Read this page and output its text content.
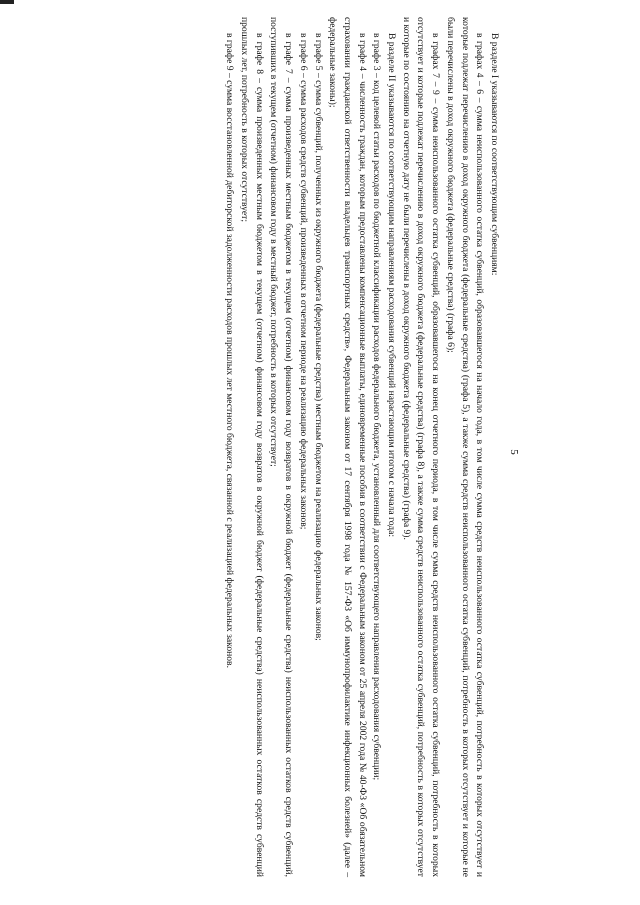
5

В разделе I указываются по соответствующим субвенциям:

в графах 4 – 6 – сумма неиспользованного остатка субвенций, образовавшегося на начало года, в том числе сумма средств неиспользованного остатка субвенций, потребность в которых отсутствует и которые подлежат перечислению в доход окружного бюджета (федеральные средства) (графа 5), а также сумма средств неиспользованного остатка субвенций, потребность в которых отсутствует и которые не были перечислены в доход окружного бюджета (федеральные средства) (графа 6);

в графах 7 – 9 – сумма неиспользованного остатка субвенций, образовавшегося на конец отчетного периода, в том числе сумма средств неиспользованного остатка субвенций, потребность в которых отсутствует и которые подлежат перечислению в доход окружного бюджета (федеральные средства) (графа 8), а также сумма средств неиспользованного остатка субвенций, потребность в которых отсутствует и которые по состоянию на отчетную дату не были перечислены в доход окружного бюджета (федеральные средства) (графа 9).

В разделе II указываются по соответствующим направлениям расходования субвенций нарастающим итогом с начала года:

в графе 3 – код целевой статьи расходов по бюджетной классификации расходов федерального бюджета, установленный для соответствующего направления расходования субвенции;

в графе 4 – численность граждан, которым предоставлены компенсационные выплаты, единовременные пособия в соответствии с Федеральным законом от 25 апреля 2002 года № 40-ФЗ «Об обязательном страховании гражданской ответственности владельцев транспортных средств», Федеральным законом от 17 сентября 1998 года № 157-ФЗ «Об иммунопрофилактике инфекционных болезней» (далее – федеральные законы);

в графе 5 – сумма субвенций, полученных из окружного бюджета (федеральные средства) местным бюджетом на реализацию федеральных законов;

в графе 6 – сумма расходов средств субвенций, произведенных в отчетном периоде на реализацию федеральных законов;

в графе 7 – сумма произведенных местным бюджетом в текущем (отчетном) финансовом году возвратов в окружной бюджет (федеральные средства) неиспользованных остатков средств субвенций, поступивших в текущем (отчетном) финансовом году в местный бюджет, потребность в которых отсутствует;

в графе 8 – сумма произведенных местным бюджетом в текущем (отчетном) финансовом году возвратов в окружной бюджет (федеральные средства) неиспользованных остатков средств субвенций прошлых лет, потребность в которых отсутствует;

в графе 9 – сумма восстановленной дебиторской задолженности расходов прошлых лет местного бюджета, связанной с реализацией федеральных законов.
